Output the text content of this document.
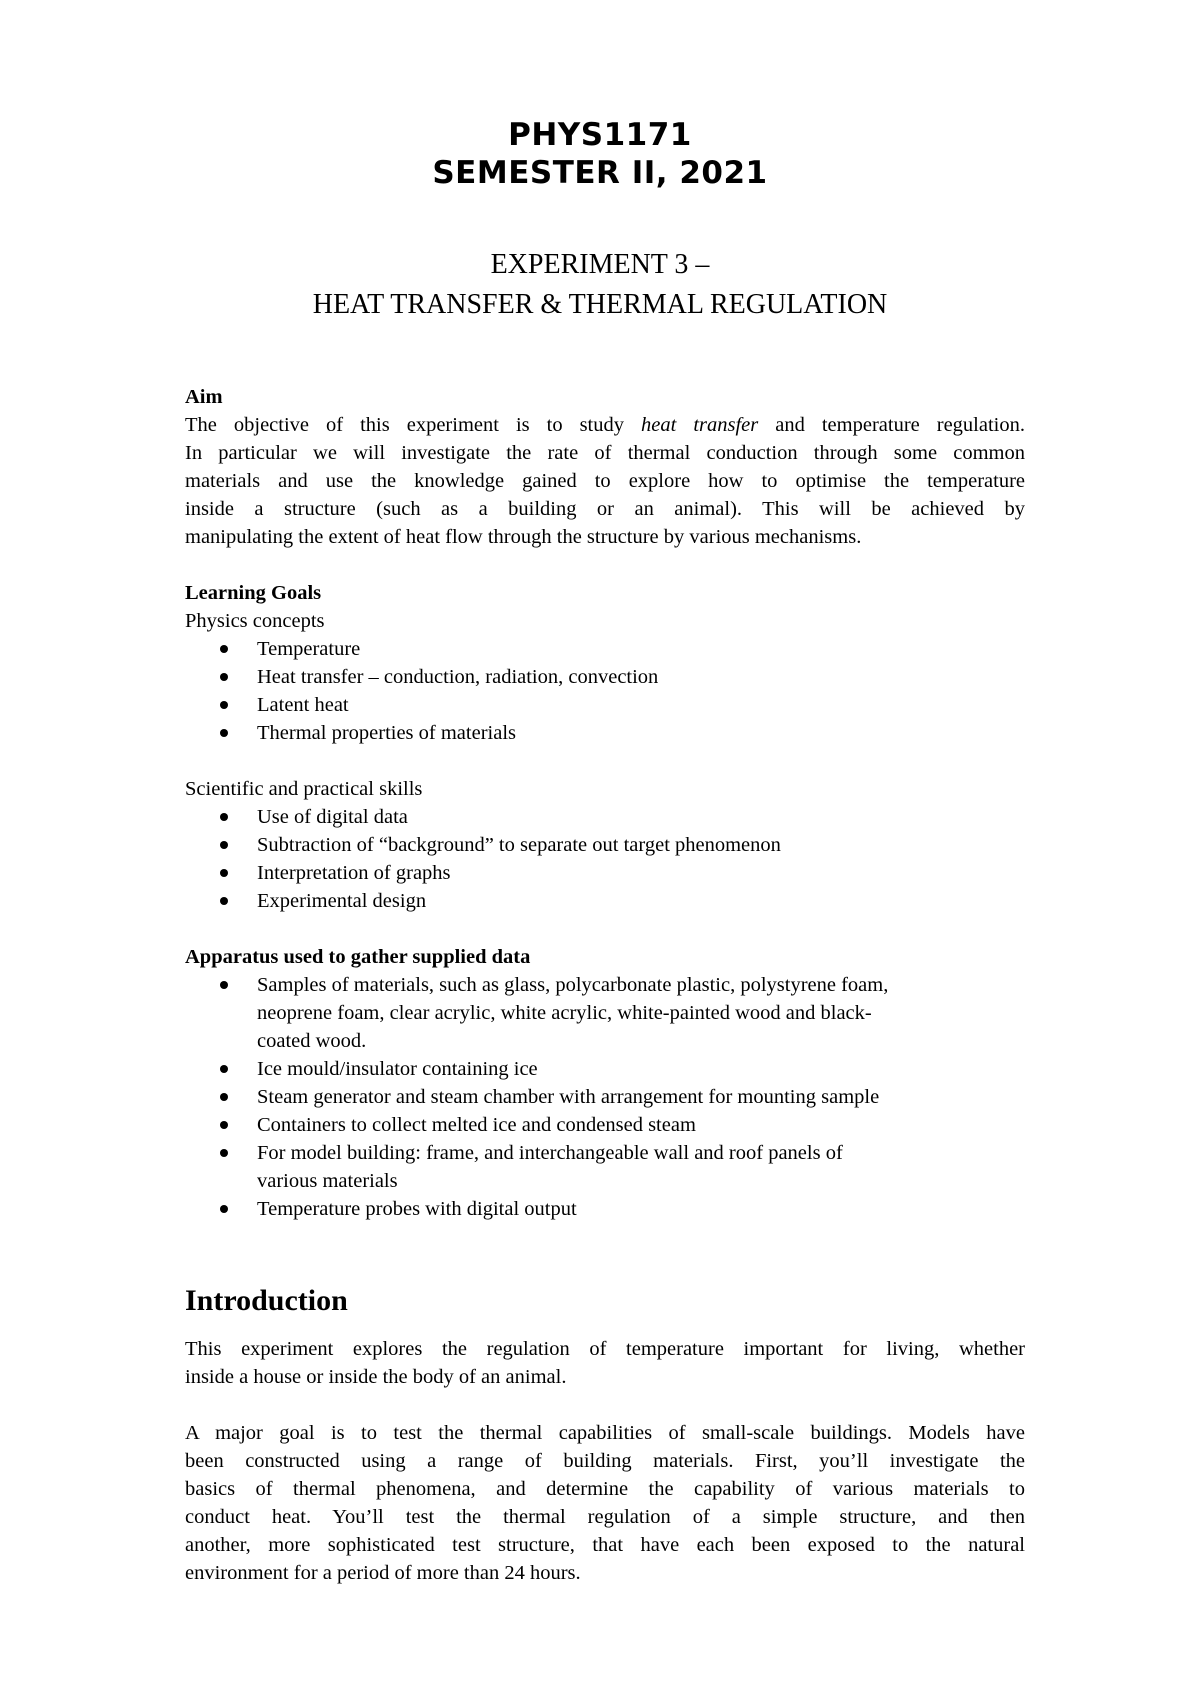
PHYS1171
SEMESTER II, 2021
EXPERIMENT 3 –
HEAT TRANSFER & THERMAL REGULATION
Aim
The objective of this experiment is to study heat transfer and temperature regulation.
In particular we will investigate the rate of thermal conduction through some common
materials and use the knowledge gained to explore how to optimise the temperature
inside a structure (such as a building or an animal). This will be achieved by
manipulating the extent of heat flow through the structure by various mechanisms.
Learning Goals
Physics concepts
Temperature
Heat transfer – conduction, radiation, convection
Latent heat
Thermal properties of materials
Scientific and practical skills
Use of digital data
Subtraction of “background” to separate out target phenomenon
Interpretation of graphs
Experimental design
Apparatus used to gather supplied data
Samples of materials, such as glass, polycarbonate plastic, polystyrene foam,
neoprene foam, clear acrylic, white acrylic, white-painted wood and black-
coated wood.
Ice mould/insulator containing ice
Steam generator and steam chamber with arrangement for mounting sample
Containers to collect melted ice and condensed steam
For model building: frame, and interchangeable wall and roof panels of
various materials
Temperature probes with digital output
Introduction
This experiment explores the regulation of temperature important for living, whether
inside a house or inside the body of an animal.
A major goal is to test the thermal capabilities of small-scale buildings. Models have
been constructed using a range of building materials. First, you’ll investigate the
basics of thermal phenomena, and determine the capability of various materials to
conduct heat. You’ll test the thermal regulation of a simple structure, and then
another, more sophisticated test structure, that have each been exposed to the natural
environment for a period of more than 24 hours.
